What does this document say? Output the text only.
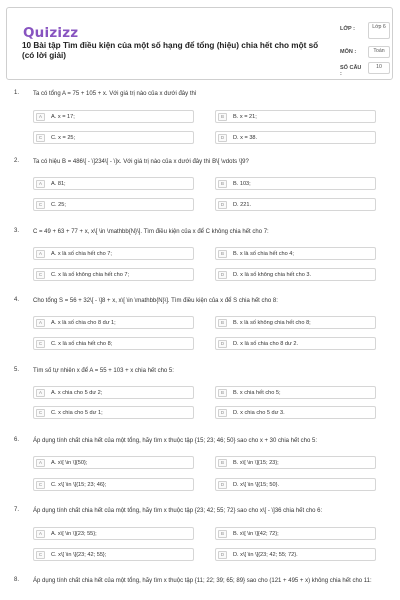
Quizizz
10 Bài tập Tìm điều kiện của một số hạng để tổng (hiệu) chia hết cho một số (có lời giải)
LỚP :	Lớp 6
MÔN :	Toán
SỐ CÂU :
10
1. Ta có tổng A = 75 + 105 + x. Với giá trị nào của x dưới đây thì
A	A. x = 17;	B	B. x = 21;
C	C. x = 25;	D	D. x = 38.
2. Ta có hiệu B = 486\[ - \]234\[ - \]x. Với giá trị nào của x dưới đây thì B\[ \vdots \]9?
A	A. 81;	B	B. 103;
C	C. 25;	D	D. 221.
3. C = 49 + 63 + 77 + x, x\[ \in \mathbb{N}\]. Tìm điều kiện của x để C không chia hết cho 7:
A	A. x là số chia hết cho 7;	B	B. x là số chia hết cho 4;
C	C. x là số không chia hết cho 7;	D	D. x là số không chia hết cho 3.
4. Cho tổng S = 56 + 32\[ - \]8 + x, x\[ \in \mathbb{N}\]. Tìm điều kiện của x để S chia hết cho 8:
A	A. x là số chia cho 8 dư 1;	B	B. x là số không chia hết cho 8;
C	C. x là số chia hết cho 8;	D	D. x là số chia cho 8 dư 2.
5. Tìm số tự nhiên x để A = 55 + 103 + x chia hết cho 5:
A	A. x chia cho 5 dư 2;	B	B. x chia hết cho 5;
C	C. x chia cho 5 dư 1;	D	D. x chia cho 5 dư 3.
6. Áp dụng tính chất chia hết của một tổng, hãy tìm x thuộc tập {15; 23; 46; 50} sao cho x + 30 chia hết cho 5:
A	A. x\[ \in \]{50};	B	B. x\[ \in \]{15; 23};
C	C. x\[ \in \]{15; 23; 46};	D	D. x\[ \in \]{15; 50}.
7. Áp dụng tính chất chia hết của một tổng, hãy tìm x thuộc tập {23; 42; 55; 72} sao cho x\[ - \]36 chia hết cho 6:
A	A. x\[ \in \]{23; 55};	B	B. x\[ \in \]{42; 72};
C	C. x\[ \in \]{23; 42; 55};	D	D. x\[ \in \]{23; 42; 55; 72}.
8. Áp dụng tính chất chia hết của một tổng, hãy tìm x thuộc tập {11; 22; 39; 65; 89} sao cho (121 + 495 + x) không chia hết cho 11:
